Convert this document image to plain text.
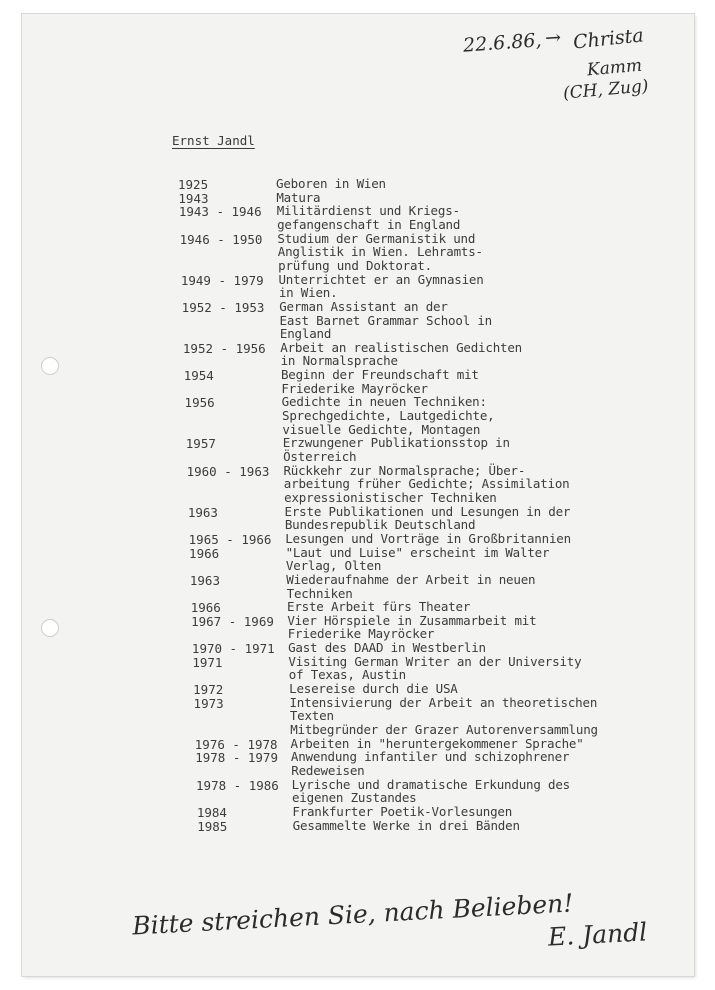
22.6.86, → Christa
Kamm
(CH, Zug)
Ernst Jandl
1925	Geboren in Wien
1943	Matura
1943 - 1946 Militärdienst und Kriegs-
gefangenschaft in England
1946 - 1950 Studium der Germanistik und
Anglistik in Wien. Lehramts-
prüfung und Doktorat.
1949 - 1979 Unterrichtet er an Gymnasien
in Wien.
1952 - 1953 German Assistant an der
East Barnet Grammar School in
England
1952 - 1956 Arbeit an realistischen Gedichten
in Normalsprache
1954	Beginn der Freundschaft mit
Friederike Mayröcker
1956	Gedichte in neuen Techniken:
Sprechgedichte, Lautgedichte,
visuelle Gedichte, Montagen
1957	Erzwungener Publikationsstop in
Österreich
1960 - 1963 Rückkehr zur Normalsprache; Über-
arbeitung früher Gedichte; Assimilation
expressionistischer Techniken
1963	Erste Publikationen und Lesungen in der
Bundesrepublik Deutschland
1965 - 1966 Lesungen und Vorträge in Großbritannien
1966	"Laut und Luise" erscheint im Walter
Verlag, Olten
1963	Wiederaufnahme der Arbeit in neuen
Techniken
1966	Erste Arbeit fürs Theater
1967 - 1969 Vier Hörspiele in Zusammarbeit mit
Friederike Mayröcker
1970 - 1971 Gast des DAAD in Westberlin
1971	Visiting German Writer an der University
of Texas, Austin
1972	Lesereise durch die USA
1973	Intensivierung der Arbeit an theoretischen
Texten
Mitbegründer der Grazer Autorenversammlung
1976 - 1978 Arbeiten in "heruntergekommener Sprache"
1978 - 1979 Anwendung infantiler und schizophrener
Redeweisen
1978 - 1986 Lyrische und dramatische Erkundung des
eigenen Zustandes
1984	Frankfurter Poetik-Vorlesungen
1985	Gesammelte Werke in drei Bänden
Bitte streichen Sie, nach Belieben!
E. Jandl
